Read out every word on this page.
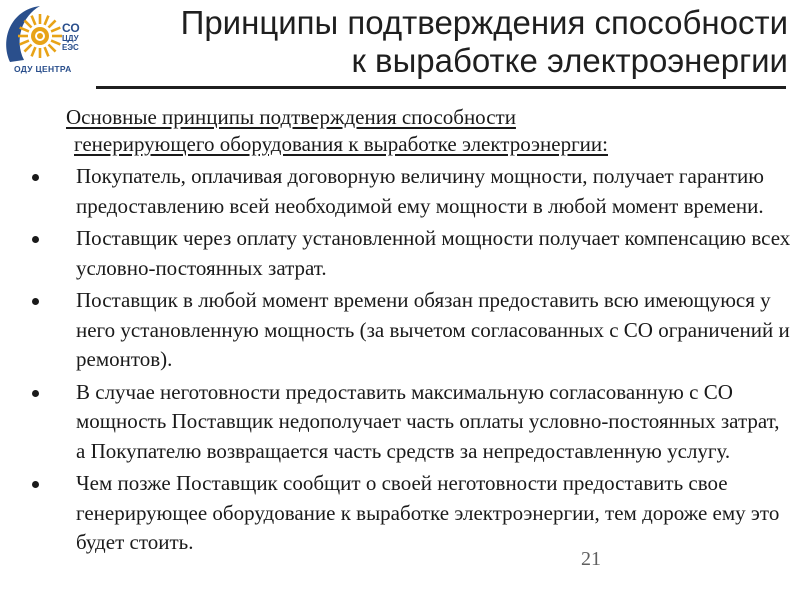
СО
ЦДУ
ЕЭС
ОДУ ЦЕНТРА
Принципы подтверждения способности
к выработке электроэнергии
Основные принципы подтверждения способности
генерирующего оборудования к выработке электроэнергии:
Покупатель, оплачивая договорную величину мощности, получает гарантию предоставлению всей необходимой ему мощности в любой момент времени.
Поставщик через оплату установленной мощности получает компенсацию всех условно-постоянных затрат.
Поставщик в любой момент времени обязан предоставить всю имеющуюся у него установленную мощность (за вычетом согласованных с СО ограничений и ремонтов).
В случае неготовности предоставить максимальную согласованную с СО мощность Поставщик недополучает часть оплаты условно-постоянных затрат, а Покупателю возвращается часть средств за непредоставленную услугу.
Чем позже Поставщик сообщит о своей неготовности предоставить свое генерирующее оборудование к выработке электроэнергии, тем дороже ему это будет стоить.
21
